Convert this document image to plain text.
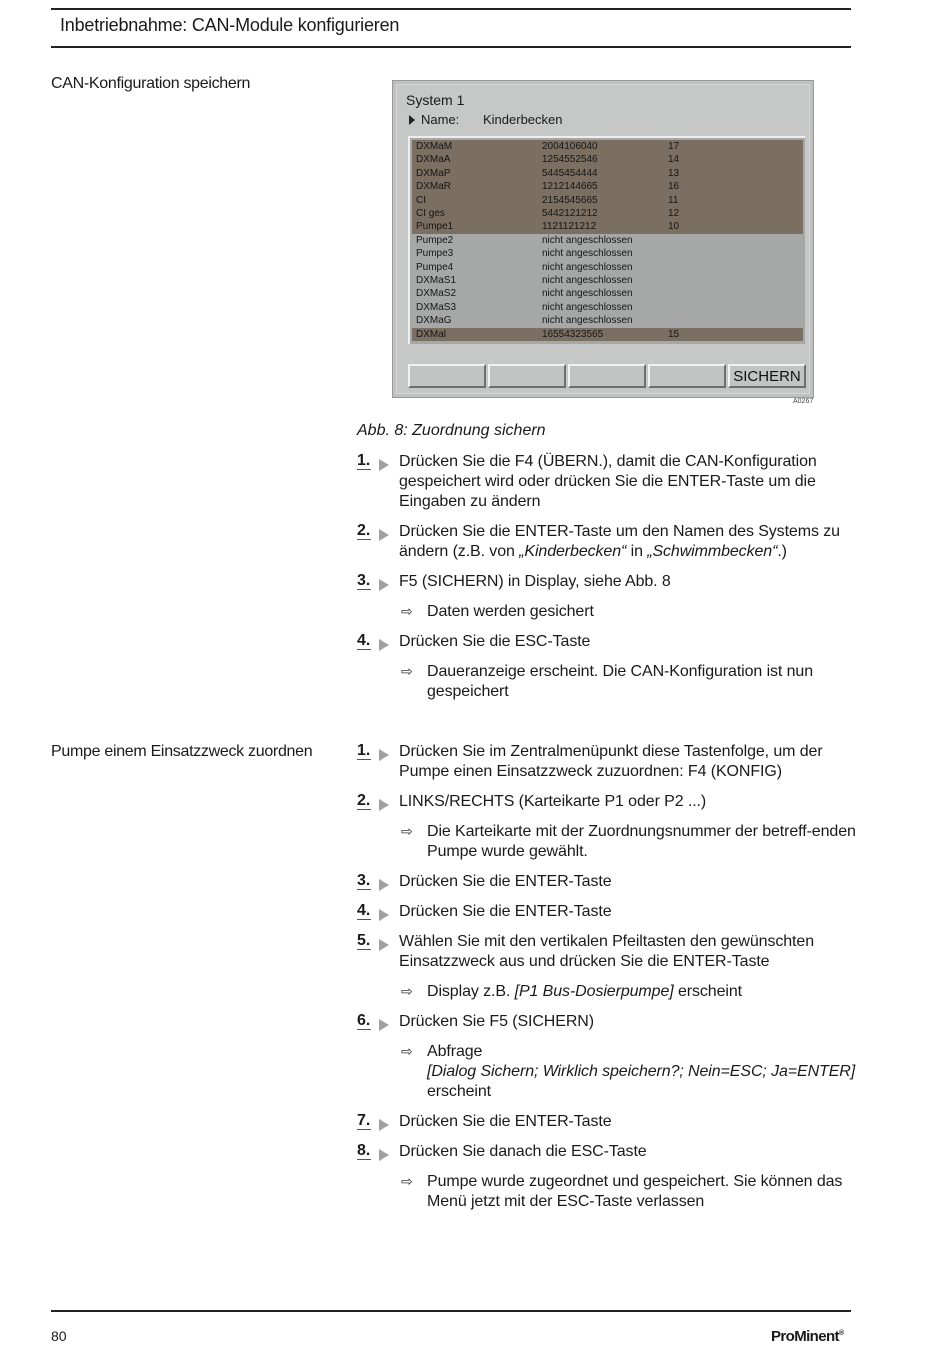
Inbetriebnahme: CAN-Module konfigurieren
CAN-Konfiguration speichern
System 1
Name:	Kinderbecken
DXMaM	2004106040	17
DXMaA	1254552546	14
DXMaP	5445454444	13
DXMaR	1212144665	16
CI	2154545665	11
CI ges	5442121212	12
Pumpe1	1121121212	10
Pumpe2	nicht angeschlossen
Pumpe3	nicht angeschlossen
Pumpe4	nicht angeschlossen
DXMaS1	nicht angeschlossen
DXMaS2	nicht angeschlossen
DXMaS3	nicht angeschlossen
DXMaG	nicht angeschlossen
DXMal	16554323565	15
SICHERN
A0267
Abb. 8: Zuordnung sichern
1.	Drücken Sie die F4 (ÜBERN.), damit die CAN-Konfiguration gespeichert wird oder drücken Sie die ENTER-Taste um die Eingaben zu ändern
2.	Drücken Sie die ENTER-Taste um den Namen des Systems zu ändern (z.B. von „Kinderbecken“ in „Schwimmbecken“.)
3.	F5 (SICHERN) in Display, siehe Abb. 8
⇨ Daten werden gesichert
4.	Drücken Sie die ESC-Taste
⇨ Daueranzeige erscheint. Die CAN-Konfiguration ist nun gespeichert
Pumpe einem Einsatzzweck zuordnen	1.	Drücken Sie im Zentralmenüpunkt diese Tastenfolge, um der Pumpe einen Einsatzzweck zuzuordnen: F4 (KONFIG)
2.	LINKS/RECHTS (Karteikarte P1 oder P2 ...)
⇨ Die Karteikarte mit der Zuordnungsnummer der betreff-enden Pumpe wurde gewählt.
3.	Drücken Sie die ENTER-Taste
4.	Drücken Sie die ENTER-Taste
5.	Wählen Sie mit den vertikalen Pfeiltasten den gewünschten Einsatzzweck aus und drücken Sie die ENTER-Taste
⇨ Display z.B. [P1 Bus-Dosierpumpe] erscheint
6.	Drücken Sie F5 (SICHERN)
⇨ Abfrage
[Dialog Sichern; Wirklich speichern?; Nein=ESC; Ja=ENTER] erscheint
7.	Drücken Sie die ENTER-Taste
8.	Drücken Sie danach die ESC-Taste
⇨ Pumpe wurde zugeordnet und gespeichert. Sie können das Menü jetzt mit der ESC-Taste verlassen
80	ProMinent®
